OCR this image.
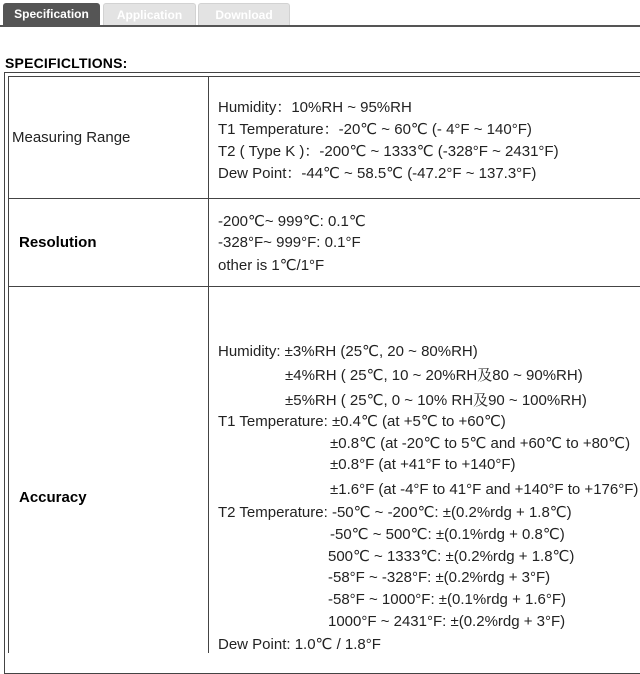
Specification	Application	Download
SPECIFICLTIONS:
Measuring Range
Humidity：10%RH ~ 95%RH
T1 Temperature：-20℃ ~ 60℃ (- 4°F ~ 140°F)
T2 ( Type K )：-200℃ ~ 1333℃ (-328°F ~ 2431°F)
Dew Point：-44℃ ~ 58.5℃ (-47.2°F ~ 137.3°F)
Resolution
-200℃~ 999℃: 0.1℃
-328°F~ 999°F: 0.1°F
other is 1℃/1°F
Accuracy
Humidity: ±3%RH (25℃, 20 ~ 80%RH)
±4%RH ( 25℃, 10 ~ 20%RH及80 ~ 90%RH)
±5%RH ( 25℃, 0 ~ 10% RH及90 ~ 100%RH)
T1 Temperature: ±0.4℃ (at +5℃ to +60℃)
±0.8℃ (at -20℃ to 5℃ and +60℃ to +80℃)
±0.8°F (at +41°F to +140°F)
±1.6°F (at -4°F to 41°F and +140°F to +176°F)
T2 Temperature: -50℃ ~ -200℃: ±(0.2%rdg + 1.8℃)
-50℃ ~ 500℃: ±(0.1%rdg + 0.8℃)
500℃ ~ 1333℃: ±(0.2%rdg + 1.8℃)
-58°F ~ -328°F: ±(0.2%rdg + 3°F)
-58°F ~ 1000°F: ±(0.1%rdg + 1.6°F)
1000°F ~ 2431°F: ±(0.2%rdg + 3°F)
Dew Point: 1.0℃ / 1.8°F
